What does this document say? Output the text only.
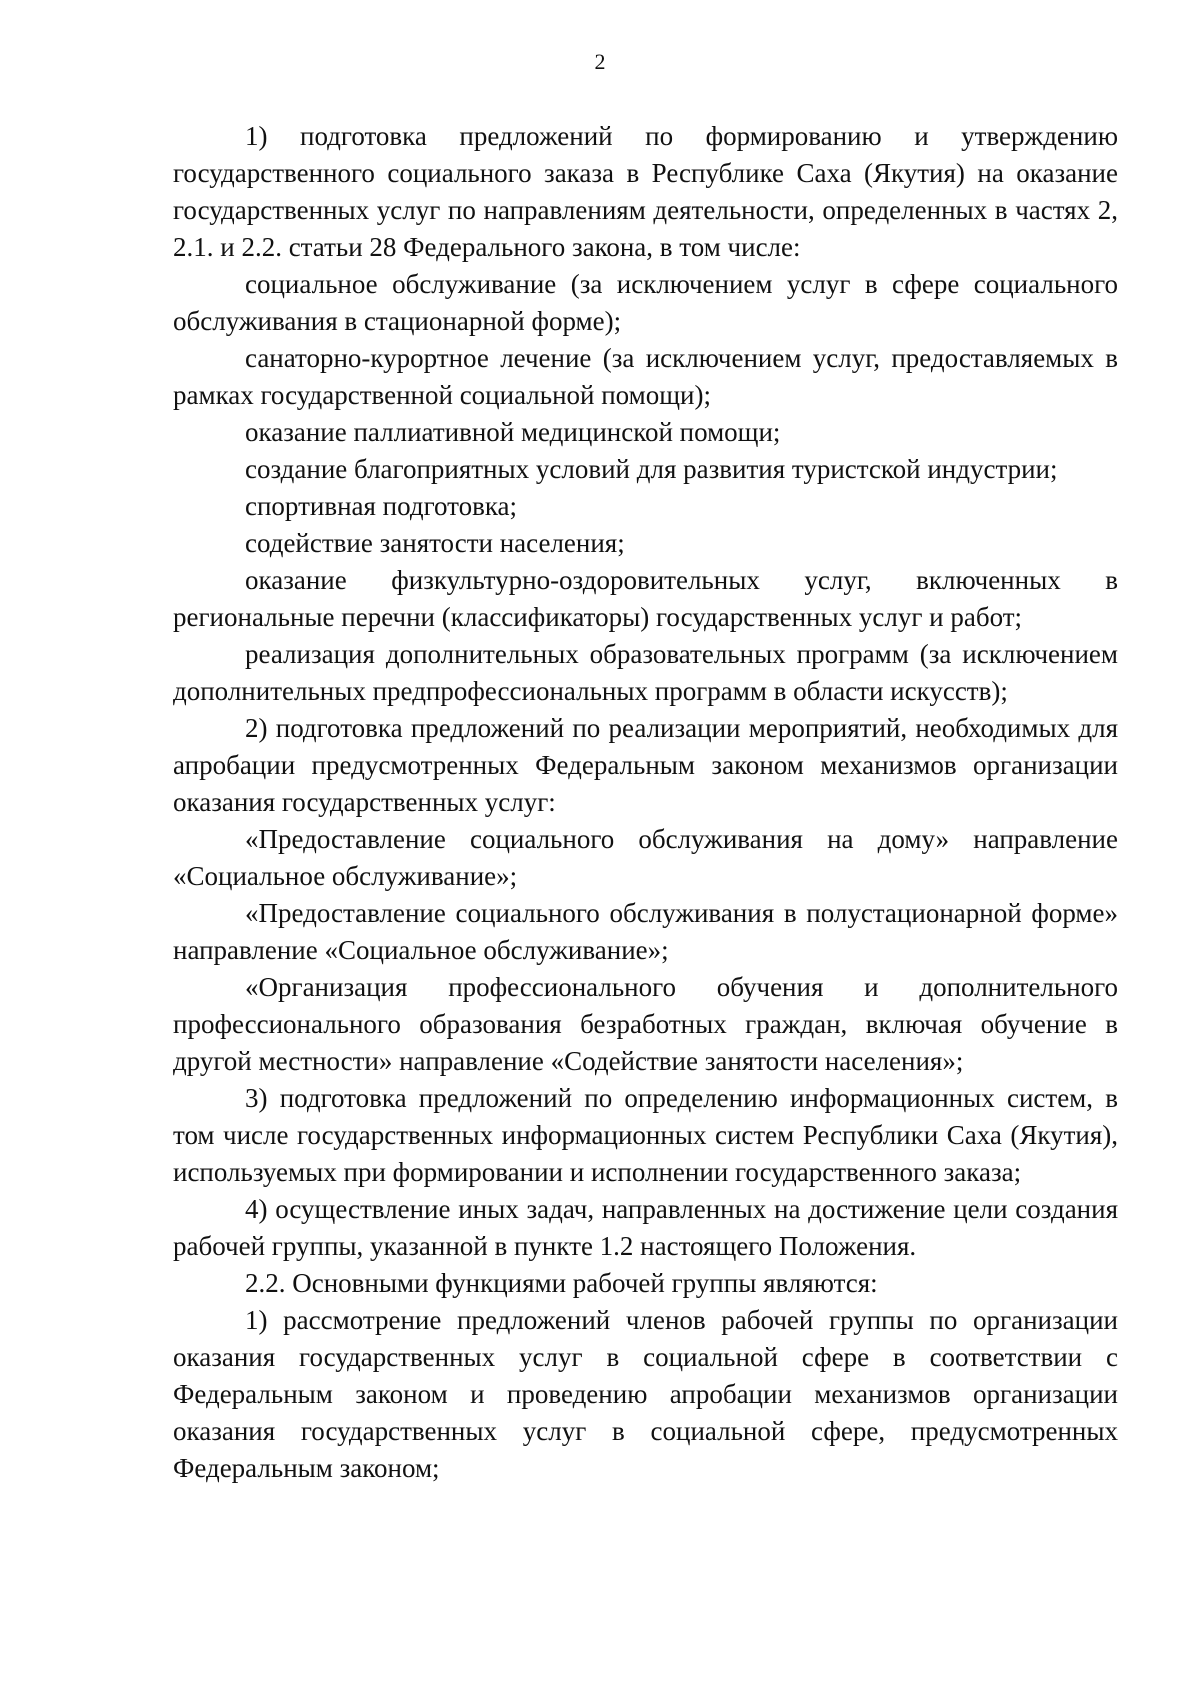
2

1) подготовка предложений по формированию и утверждению государственного социального заказа в Республике Саха (Якутия) на оказание государственных услуг по направлениям деятельности, определенных в частях 2, 2.1. и 2.2. статьи 28 Федерального закона, в том числе:

социальное обслуживание (за исключением услуг в сфере социального обслуживания в стационарной форме);

санаторно-курортное лечение (за исключением услуг, предоставляемых в рамках государственной социальной помощи);

оказание паллиативной медицинской помощи;

создание благоприятных условий для развития туристской индустрии;

спортивная подготовка;

содействие занятости населения;

оказание физкультурно-оздоровительных услуг, включенных в региональные перечни (классификаторы) государственных услуг и работ;

реализация дополнительных образовательных программ (за исключением дополнительных предпрофессиональных программ в области искусств);

2) подготовка предложений по реализации мероприятий, необходимых для апробации предусмотренных Федеральным законом механизмов организации оказания государственных услуг:

«Предоставление социального обслуживания на дому» направление «Социальное обслуживание»;

«Предоставление социального обслуживания в полустационарной форме» направление «Социальное обслуживание»;

«Организация профессионального обучения и дополнительного профессионального образования безработных граждан, включая обучение в другой местности» направление «Содействие занятости населения»;

3) подготовка предложений по определению информационных систем, в том числе государственных информационных систем Республики Саха (Якутия), используемых при формировании и исполнении государственного заказа;

4) осуществление иных задач, направленных на достижение цели создания рабочей группы, указанной в пункте 1.2 настоящего Положения.

2.2. Основными функциями рабочей группы являются:

1) рассмотрение предложений членов рабочей группы по организации оказания государственных услуг в социальной сфере в соответствии с Федеральным законом и проведению апробации механизмов организации оказания государственных услуг в социальной сфере, предусмотренных Федеральным законом;
